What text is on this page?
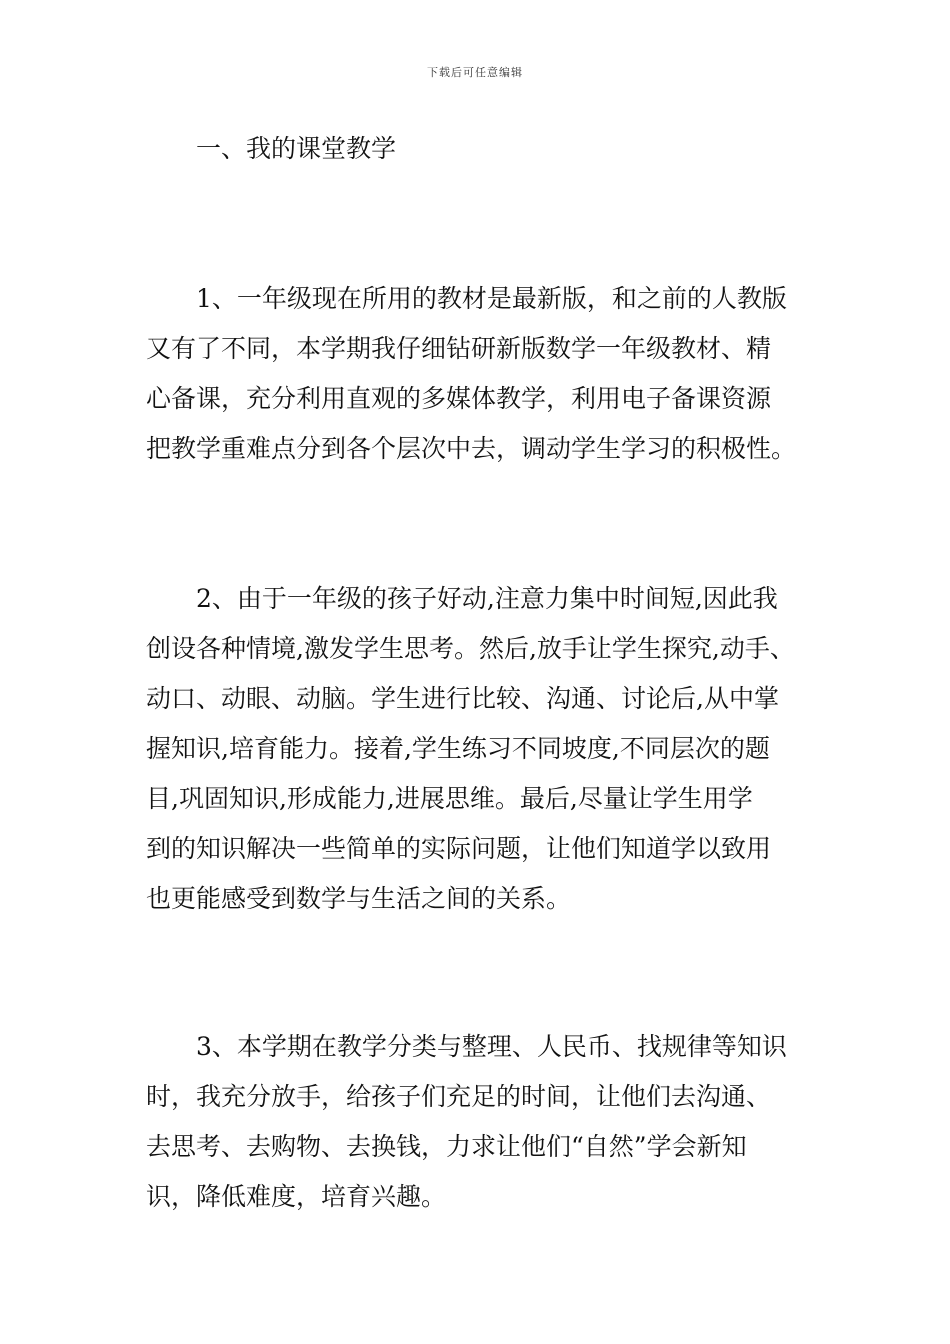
下载后可任意编辑
一、我的课堂教学
1、一年级现在所用的教材是最新版，和之前的人教版
又有了不同，本学期我仔细钻研新版数学一年级教材、精
心备课，充分利用直观的多媒体教学，利用电子备课资源
把教学重难点分到各个层次中去，调动学生学习的积极性。
2、由于一年级的孩子好动,注意力集中时间短,因此我
创设各种情境,激发学生思考。然后,放手让学生探究,动手、
动口、动眼、动脑。学生进行比较、沟通、讨论后,从中掌
握知识,培育能力。接着,学生练习不同坡度,不同层次的题
目,巩固知识,形成能力,进展思维。最后,尽量让学生用学
到的知识解决一些简单的实际问题，让他们知道学以致用
也更能感受到数学与生活之间的关系。
3、本学期在教学分类与整理、人民币、找规律等知识
时，我充分放手，给孩子们充足的时间，让他们去沟通、
去思考、去购物、去换钱，力求让他们“自然”学会新知
识，降低难度，培育兴趣。
